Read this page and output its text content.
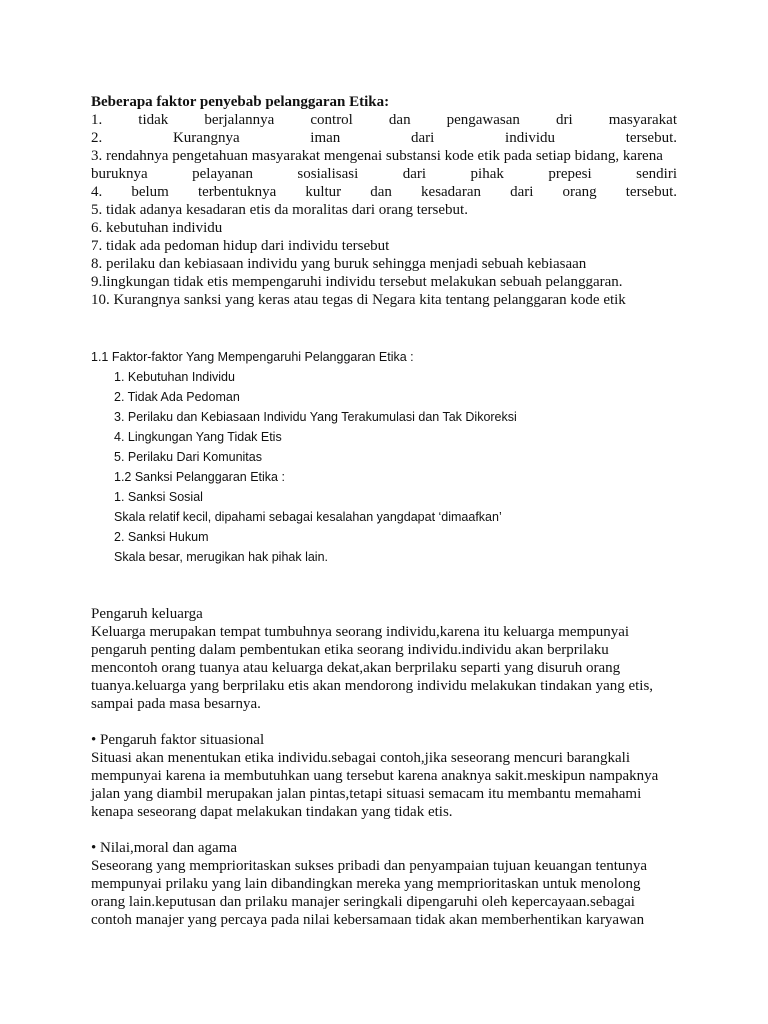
Beberapa faktor penyebab pelanggaran Etika:

1. tidak berjalannya control dan pengawasan dri masyarakat

2. Kurangnya iman dari individu tersebut.

3. rendahnya pengetahuan masyarakat mengenai substansi kode etik pada setiap bidang, karena

buruknya pelayanan sosialisasi dari pihak prepesi sendiri

4. belum terbentuknya kultur dan kesadaran dari orang tersebut.

5. tidak adanya kesadaran etis da moralitas dari orang tersebut.

6. kebutuhan individu

7. tidak ada pedoman hidup dari individu tersebut

8. perilaku dan kebiasaan individu yang buruk sehingga menjadi sebuah kebiasaan

9.lingkungan tidak etis mempengaruhi individu tersebut melakukan sebuah pelanggaran.

10. Kurangnya sanksi yang keras atau tegas di Negara kita tentang pelanggaran kode etik

1.1 Faktor-faktor Yang Mempengaruhi Pelanggaran Etika :

1. Kebutuhan Individu

2. Tidak Ada Pedoman

3. Perilaku dan Kebiasaan Individu Yang Terakumulasi dan Tak Dikoreksi

4. Lingkungan Yang Tidak Etis

5. Perilaku Dari Komunitas

1.2 Sanksi Pelanggaran Etika :

1. Sanksi Sosial

Skala relatif kecil, dipahami sebagai kesalahan yangdapat ‘dimaafkan’

2. Sanksi Hukum

Skala besar, merugikan hak pihak lain.

Pengaruh keluarga

Keluarga merupakan tempat tumbuhnya seorang individu,karena itu keluarga mempunyai pengaruh penting dalam pembentukan etika seorang individu.individu akan berprilaku mencontoh orang tuanya atau keluarga dekat,akan berprilaku separti yang disuruh orang tuanya.keluarga yang berprilaku etis akan mendorong individu melakukan tindakan yang etis, sampai pada masa besarnya.

• Pengaruh faktor situasional

Situasi akan menentukan etika individu.sebagai contoh,jika seseorang mencuri barangkali mempunyai karena ia membutuhkan uang tersebut karena anaknya sakit.meskipun nampaknya jalan yang diambil merupakan jalan pintas,tetapi situasi semacam itu membantu memahami kenapa seseorang dapat melakukan tindakan yang tidak etis.

• Nilai,moral dan agama

Seseorang yang memprioritaskan sukses pribadi dan penyampaian tujuan keuangan tentunya mempunyai prilaku yang lain dibandingkan mereka yang memprioritaskan untuk menolong orang lain.keputusan dan prilaku manajer seringkali dipengaruhi oleh kepercayaan.sebagai contoh manajer yang percaya pada nilai kebersamaan tidak akan memberhentikan karyawan
